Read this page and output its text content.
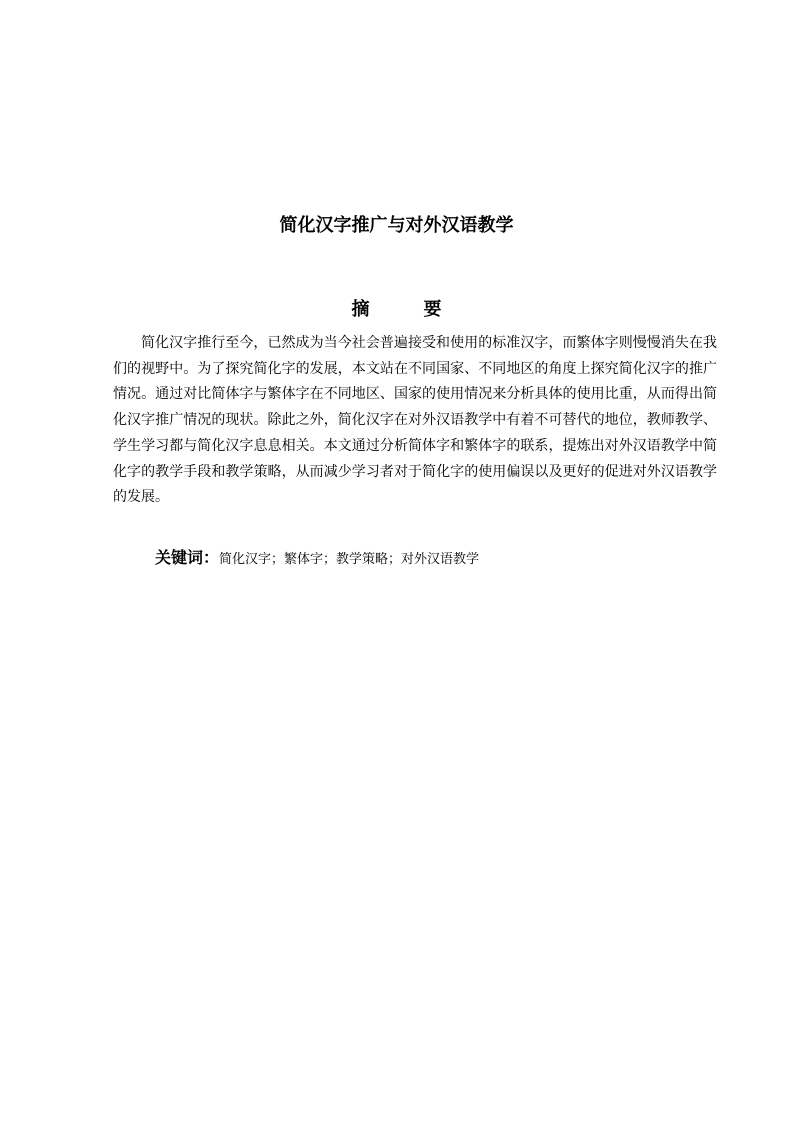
简化汉字推广与对外汉语教学
摘　要

简化汉字推行至今，已然成为当今社会普遍接受和使用的标准汉字，而繁体字则慢慢消失在我们的视野中。为了探究简化字的发展，本文站在不同国家、不同地区的角度上探究简化汉字的推广情况。通过对比简体字与繁体字在不同地区、国家的使用情况来分析具体的使用比重，从而得出简化汉字推广情况的现状。除此之外，简化汉字在对外汉语教学中有着不可替代的地位，教师教学、学生学习都与简化汉字息息相关。本文通过分析简体字和繁体字的联系，提炼出对外汉语教学中简化字的教学手段和教学策略，从而减少学习者对于简化字的使用偏误以及更好的促进对外汉语教学的发展。

关键词：简化汉字；繁体字；教学策略；对外汉语教学
